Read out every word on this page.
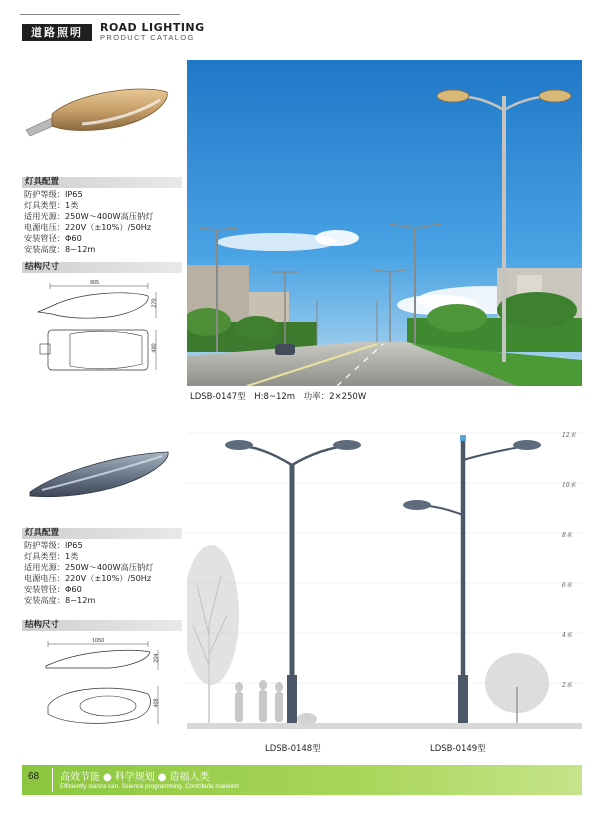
道路照明	ROAD LIGHTING
PRODUCT CATALOG
灯具配置
防护等级：IP65
灯具类型：1类
适用光源：250W～400W高压钠灯
电源电压：220V（±10%）/50Hz
安装管径：Φ60
安装高度：8~12m
结构尺寸
905
270
480
LDSB-0147型　H:8~12m　功率：2×250W
灯具配置
防护等级：IP65
灯具类型：1类
适用光源：250W～400W高压钠灯
电源电压：220V（±10%）/50Hz
安装管径：Φ60
安装高度：8~12m
结构尺寸
1050
204
408
12米
10米
8米
6米
4米
2米
LDSB-0148型	LDSB-0149型
68 高效节能 ● 科学规划 ● 造福人类
Efficiently stanza can. Science programming. Contribute mankind
